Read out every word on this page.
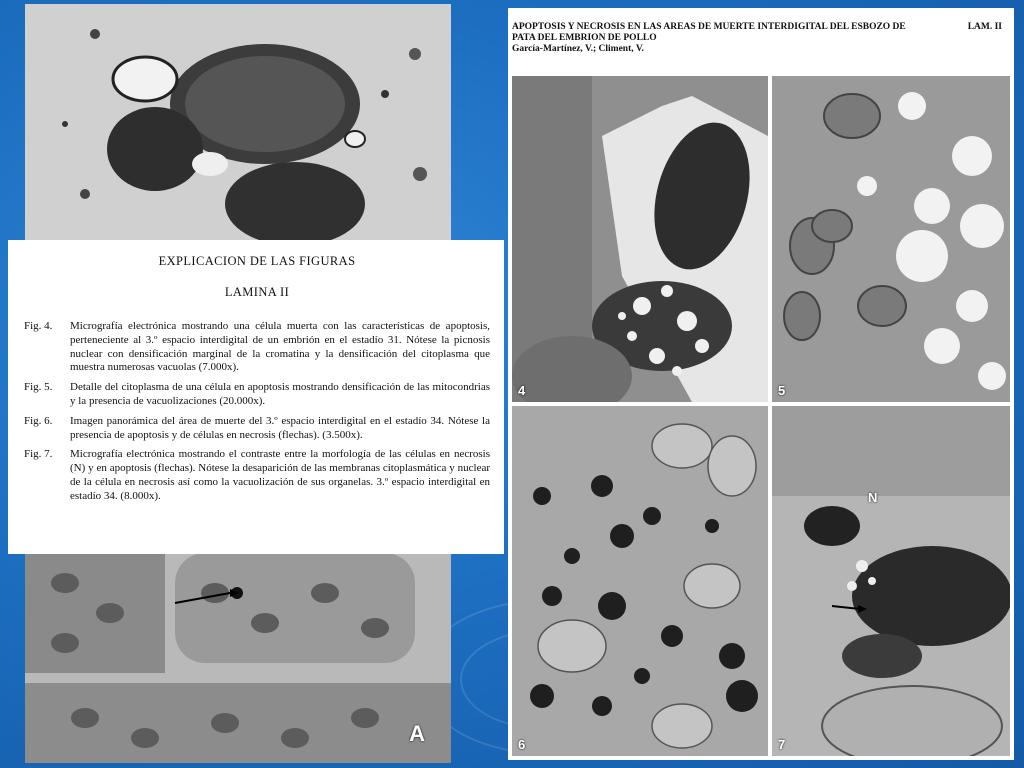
A
EXPLICACION DE LAS FIGURAS
LAMINA II
Fig. 4.	Micrografía electrónica mostrando una célula muerta con las características de apoptosis, perteneciente al 3.º espacio interdigital de un embrión en el estadío 31. Nótese la picnosis nuclear con densificación marginal de la cromatina y la densificación del citoplasma que muestra numerosas vacuolas (7.000x).
Fig. 5.	Detalle del citoplasma de una célula en apoptosis mostrando densificación de las mitocondrias y la presencia de vacuolizaciones (20.000x).
Fig. 6.	Imagen panorámica del área de muerte del 3.º espacio interdigital en el estadío 34. Nótese la presencia de apoptosis y de células en necrosis (flechas). (3.500x).
Fig. 7.	Micrografía electrónica mostrando el contraste entre la morfología de las células en necrosis (N) y en apoptosis (flechas). Nótese la desaparición de las membranas citoplasmática y nuclear de la célula en necrosis así como la vacuolización de sus organelas. 3.º espacio interdigital en estadío 34. (8.000x).
LAM. II
APOPTOSIS Y NECROSIS EN LAS AREAS DE MUERTE INTERDIGITAL DEL ESBOZO DE PATA DEL EMBRION DE POLLO
García-Martínez, V.; Climent, V.
4	5
6
N
7
